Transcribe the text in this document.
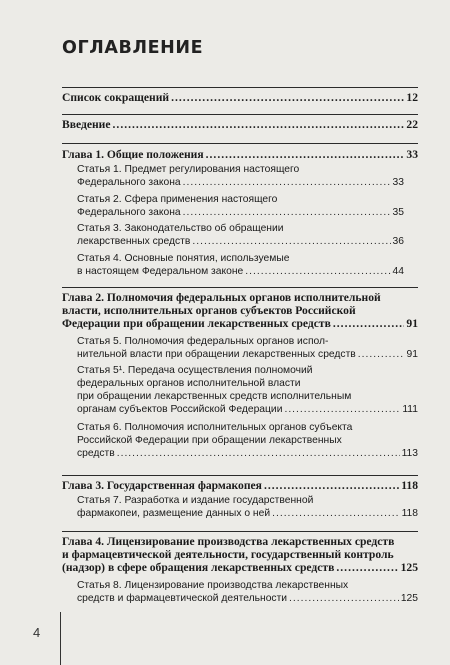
ОГЛАВЛЕНИЕ
Список сокращений .....	12
Введение .....	22
Глава 1. Общие положения .....	33
Статья 1. Предмет регулирования настоящего
Федерального закона .....	33
Статья 2. Сфера применения настоящего
Федерального закона .....	35
Статья 3. Законодательство об обращении
лекарственных средств .....	36
Статья 4. Основные понятия, используемые
в настоящем Федеральном законе .....	44
Глава 2. Полномочия федеральных органов исполнительной
власти, исполнительных органов субъектов Российской
Федерации при обращении лекарственных средств .....	91
Статья 5. Полномочия федеральных органов испол-
нительной власти при обращении лекарственных средств .....	91
Статья 5¹. Передача осуществления полномочий
федеральных органов исполнительной власти
при обращении лекарственных средств исполнительным
органам субъектов Российской Федерации .....	111
Статья 6. Полномочия исполнительных органов субъекта
Российской Федерации при обращении лекарственных
средств .....	113
Глава 3. Государственная фармакопея .....	118
Статья 7. Разработка и издание государственной
фармакопеи, размещение данных о ней .....	118
Глава 4. Лицензирование производства лекарственных средств
и фармацевтической деятельности, государственный контроль
(надзор) в сфере обращения лекарственных средств .....	125
Статья 8. Лицензирование производства лекарственных
средств и фармацевтической деятельности .....	125
4
